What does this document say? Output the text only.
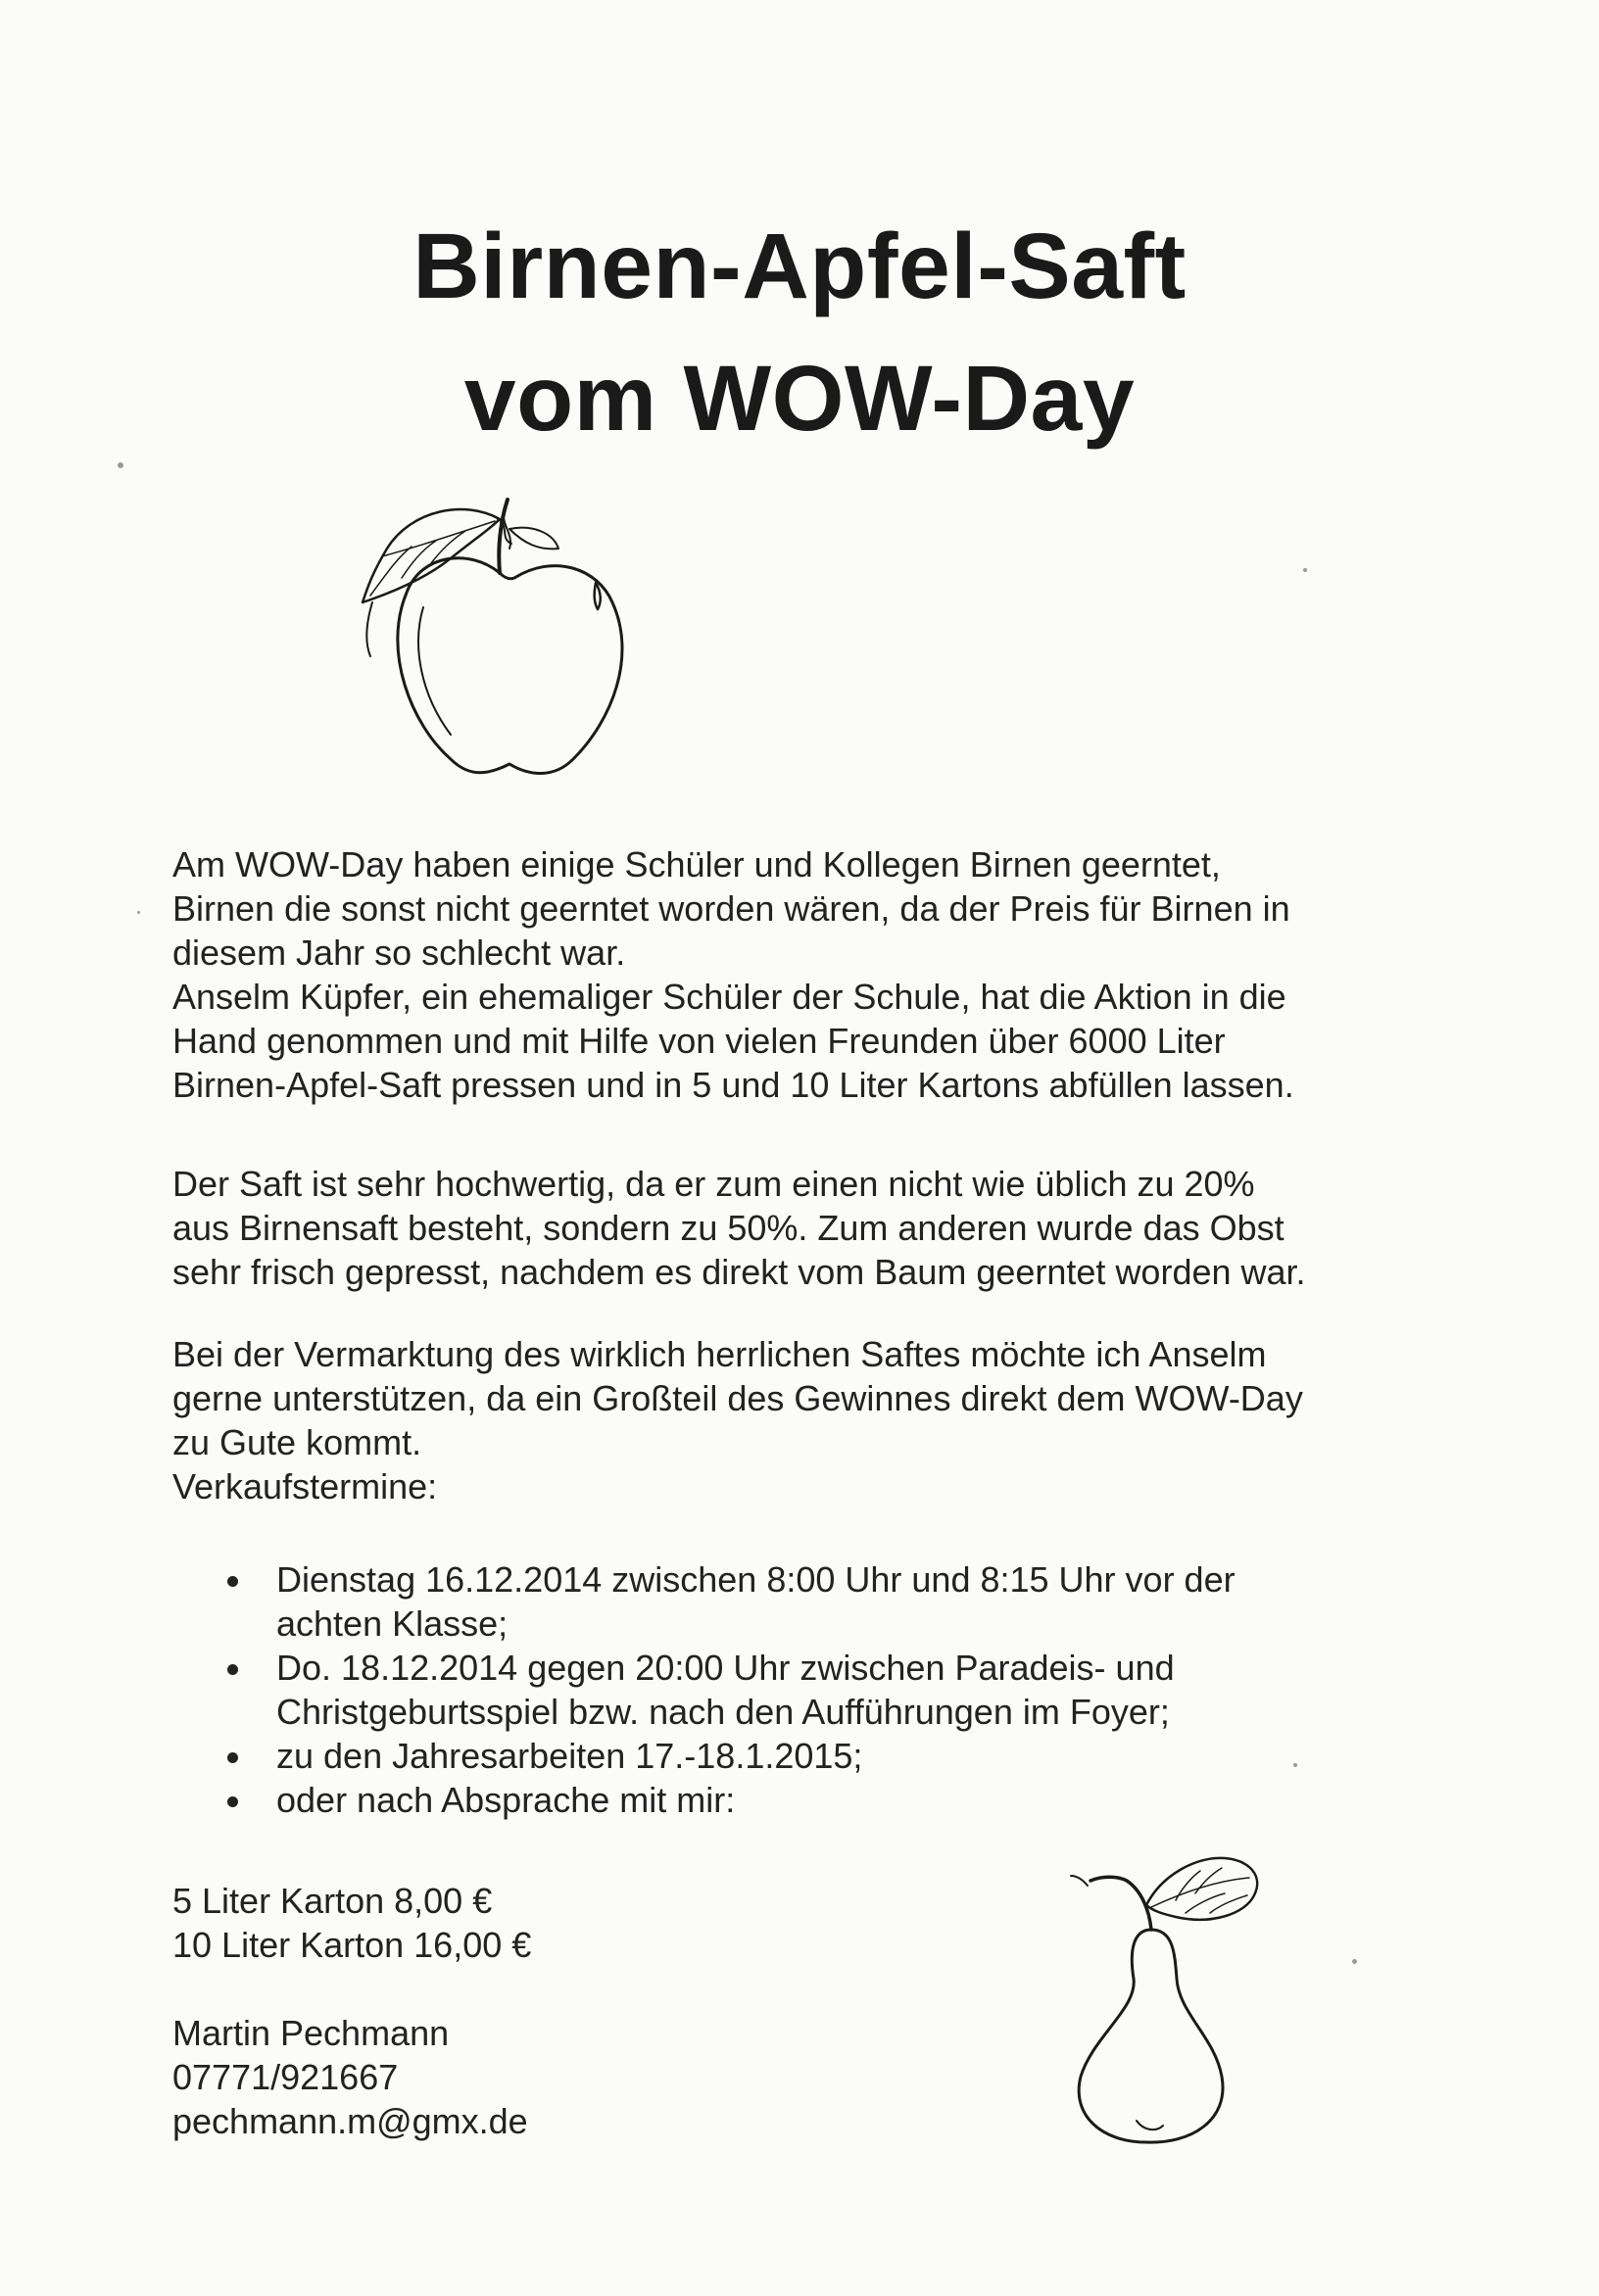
Birnen-Apfel-Saft
vom WOW-Day

Am WOW-Day haben einige Schüler und Kollegen Birnen geerntet,

Birnen die sonst nicht geerntet worden wären, da der Preis für Birnen in

diesem Jahr so schlecht war.

Anselm Küpfer, ein ehemaliger Schüler der Schule, hat die Aktion in die

Hand genommen und mit Hilfe von vielen Freunden über 6000 Liter

Birnen-Apfel-Saft pressen und in 5 und 10 Liter Kartons abfüllen lassen.

Der Saft ist sehr hochwertig, da er zum einen nicht wie üblich zu 20%

aus Birnensaft besteht, sondern zu 50%. Zum anderen wurde das Obst

sehr frisch gepresst, nachdem es direkt vom Baum geerntet worden war.

Bei der Vermarktung des wirklich herrlichen Saftes möchte ich Anselm

gerne unterstützen, da ein Großteil des Gewinnes direkt dem WOW-Day

zu Gute kommt.

Verkaufstermine:

Dienstag 16.12.2014 zwischen 8:00 Uhr und 8:15 Uhr vor der
achten Klasse;
Do. 18.12.2014 gegen 20:00 Uhr zwischen Paradeis- und
Christgeburtsspiel bzw. nach den Aufführungen im Foyer;
zu den Jahresarbeiten 17.-18.1.2015;
oder nach Absprache mit mir:

5 Liter Karton 8,00 €

10 Liter Karton 16,00 €

Martin Pechmann

07771/921667

pechmann.m@gmx.de
